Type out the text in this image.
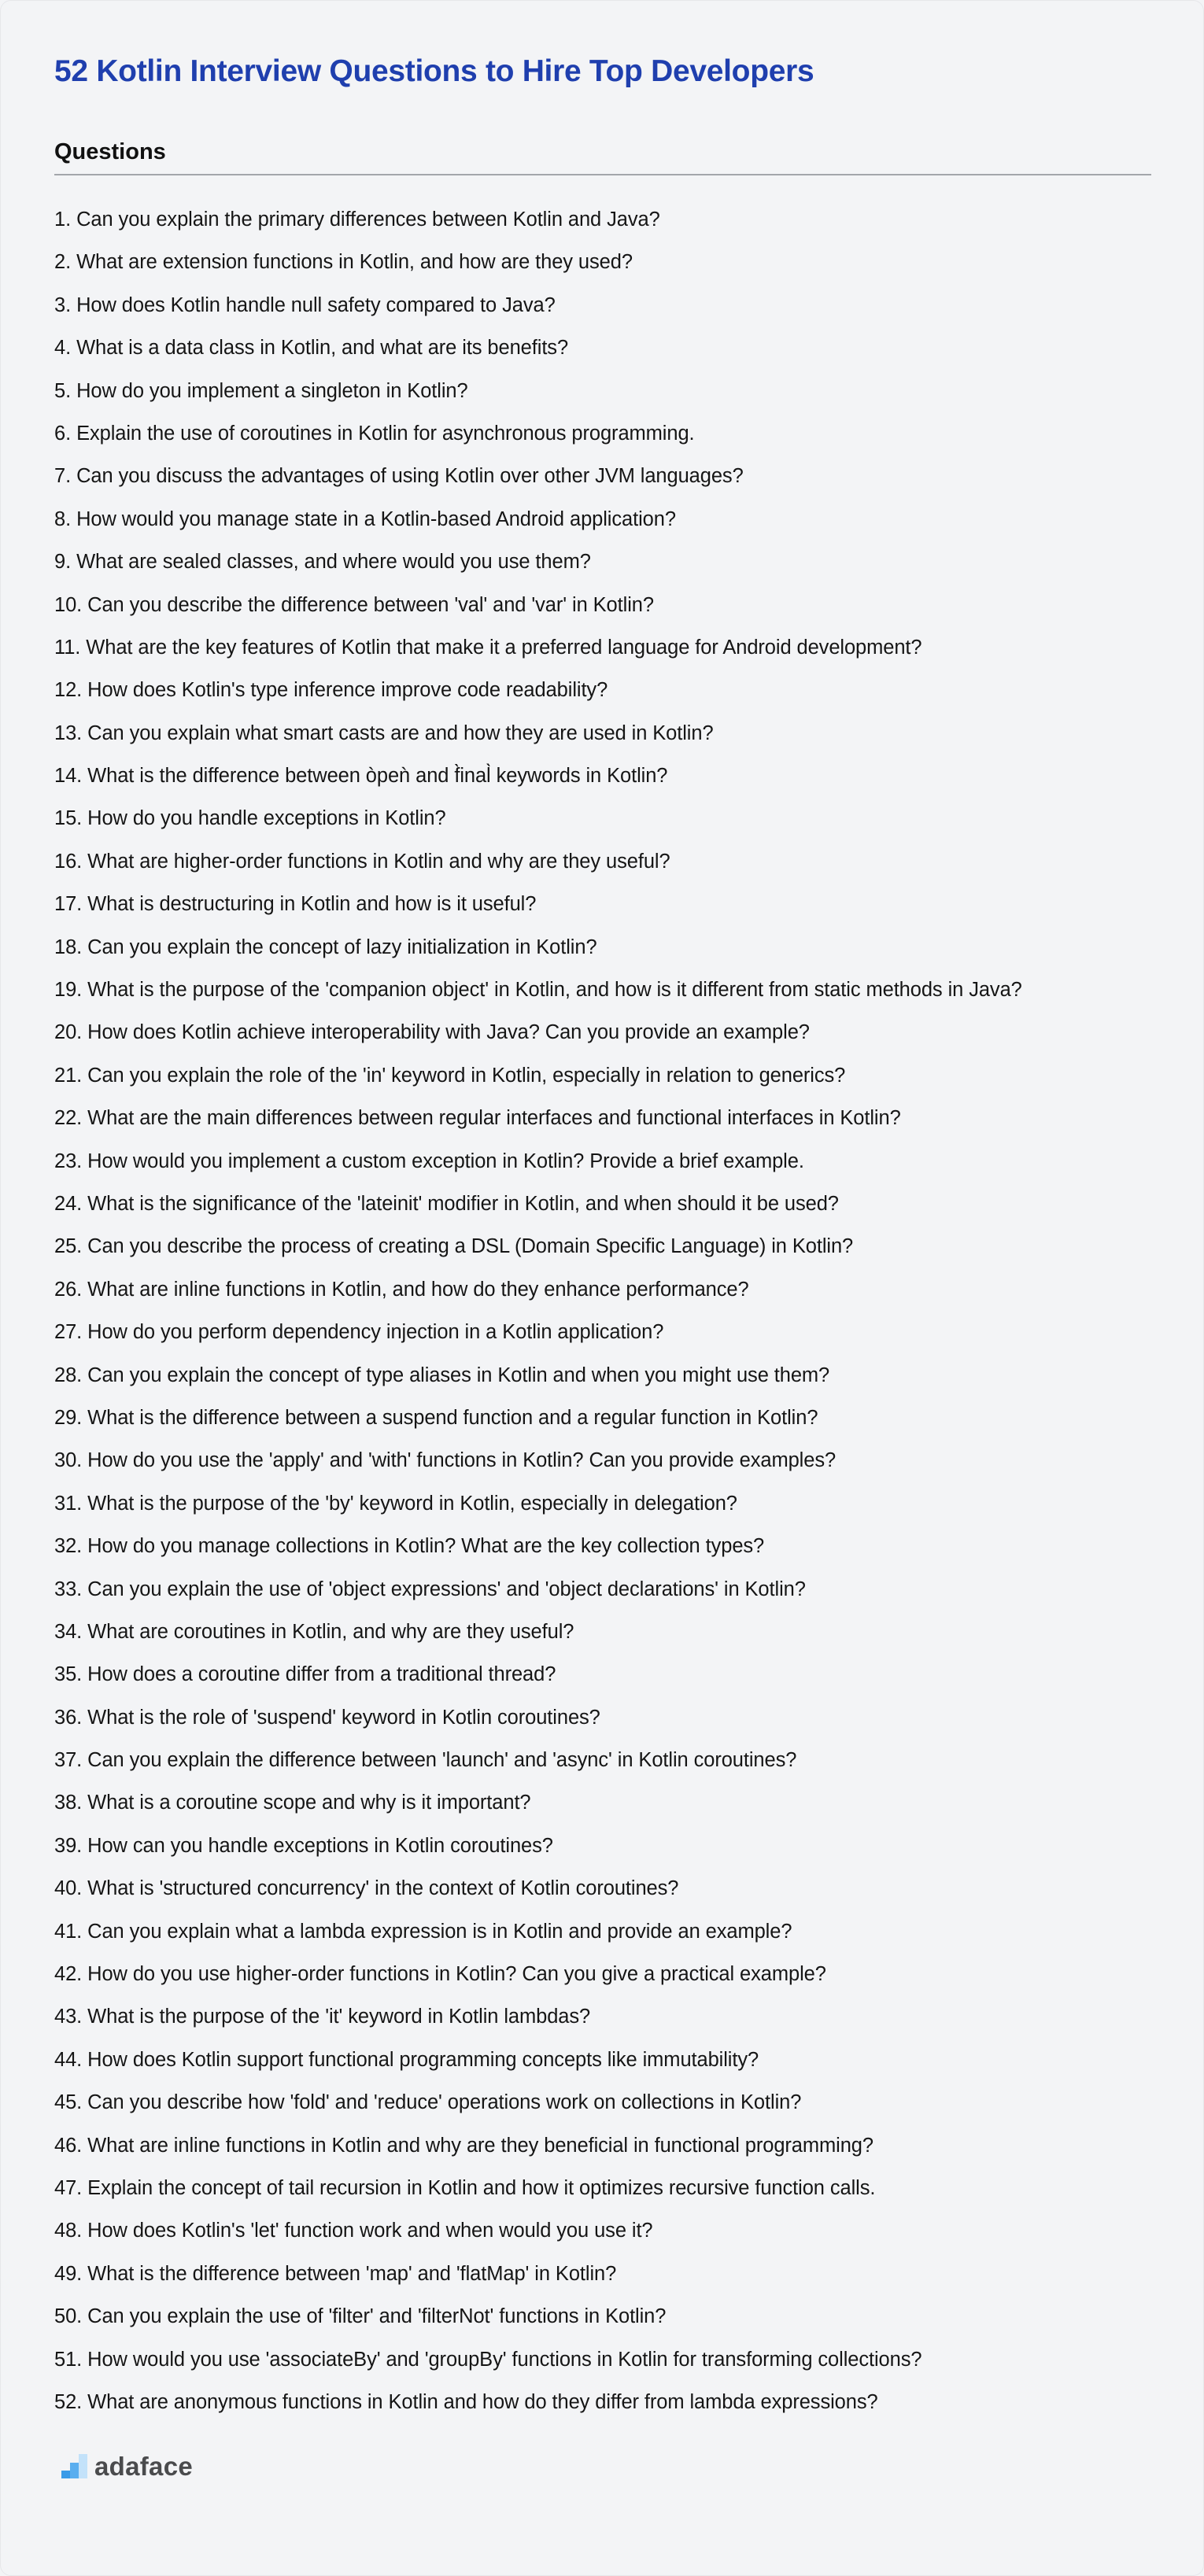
52 Kotlin Interview Questions to Hire Top Developers
Questions
1. Can you explain the primary differences between Kotlin and Java?
2. What are extension functions in Kotlin, and how are they used?
3. How does Kotlin handle null safety compared to Java?
4. What is a data class in Kotlin, and what are its benefits?
5. How do you implement a singleton in Kotlin?
6. Explain the use of coroutines in Kotlin for asynchronous programming.
7. Can you discuss the advantages of using Kotlin over other JVM languages?
8. How would you manage state in a Kotlin-based Android application?
9. What are sealed classes, and where would you use them?
10. Can you describe the difference between 'val' and 'var' in Kotlin?
11. What are the key features of Kotlin that make it a preferred language for Android development?
12. How does Kotlin's type inference improve code readability?
13. Can you explain what smart casts are and how they are used in Kotlin?
14. What is the difference between òpeǹ and f̀inal̀ keywords in Kotlin?
15. How do you handle exceptions in Kotlin?
16. What are higher-order functions in Kotlin and why are they useful?
17. What is destructuring in Kotlin and how is it useful?
18. Can you explain the concept of lazy initialization in Kotlin?
19. What is the purpose of the 'companion object' in Kotlin, and how is it different from static methods in Java?
20. How does Kotlin achieve interoperability with Java? Can you provide an example?
21. Can you explain the role of the 'in' keyword in Kotlin, especially in relation to generics?
22. What are the main differences between regular interfaces and functional interfaces in Kotlin?
23. How would you implement a custom exception in Kotlin? Provide a brief example.
24. What is the significance of the 'lateinit' modifier in Kotlin, and when should it be used?
25. Can you describe the process of creating a DSL (Domain Specific Language) in Kotlin?
26. What are inline functions in Kotlin, and how do they enhance performance?
27. How do you perform dependency injection in a Kotlin application?
28. Can you explain the concept of type aliases in Kotlin and when you might use them?
29. What is the difference between a suspend function and a regular function in Kotlin?
30. How do you use the 'apply' and 'with' functions in Kotlin? Can you provide examples?
31. What is the purpose of the 'by' keyword in Kotlin, especially in delegation?
32. How do you manage collections in Kotlin? What are the key collection types?
33. Can you explain the use of 'object expressions' and 'object declarations' in Kotlin?
34. What are coroutines in Kotlin, and why are they useful?
35. How does a coroutine differ from a traditional thread?
36. What is the role of 'suspend' keyword in Kotlin coroutines?
37. Can you explain the difference between 'launch' and 'async' in Kotlin coroutines?
38. What is a coroutine scope and why is it important?
39. How can you handle exceptions in Kotlin coroutines?
40. What is 'structured concurrency' in the context of Kotlin coroutines?
41. Can you explain what a lambda expression is in Kotlin and provide an example?
42. How do you use higher-order functions in Kotlin? Can you give a practical example?
43. What is the purpose of the 'it' keyword in Kotlin lambdas?
44. How does Kotlin support functional programming concepts like immutability?
45. Can you describe how 'fold' and 'reduce' operations work on collections in Kotlin?
46. What are inline functions in Kotlin and why are they beneficial in functional programming?
47. Explain the concept of tail recursion in Kotlin and how it optimizes recursive function calls.
48. How does Kotlin's 'let' function work and when would you use it?
49. What is the difference between 'map' and 'flatMap' in Kotlin?
50. Can you explain the use of 'filter' and 'filterNot' functions in Kotlin?
51. How would you use 'associateBy' and 'groupBy' functions in Kotlin for transforming collections?
52. What are anonymous functions in Kotlin and how do they differ from lambda expressions?
adaface
